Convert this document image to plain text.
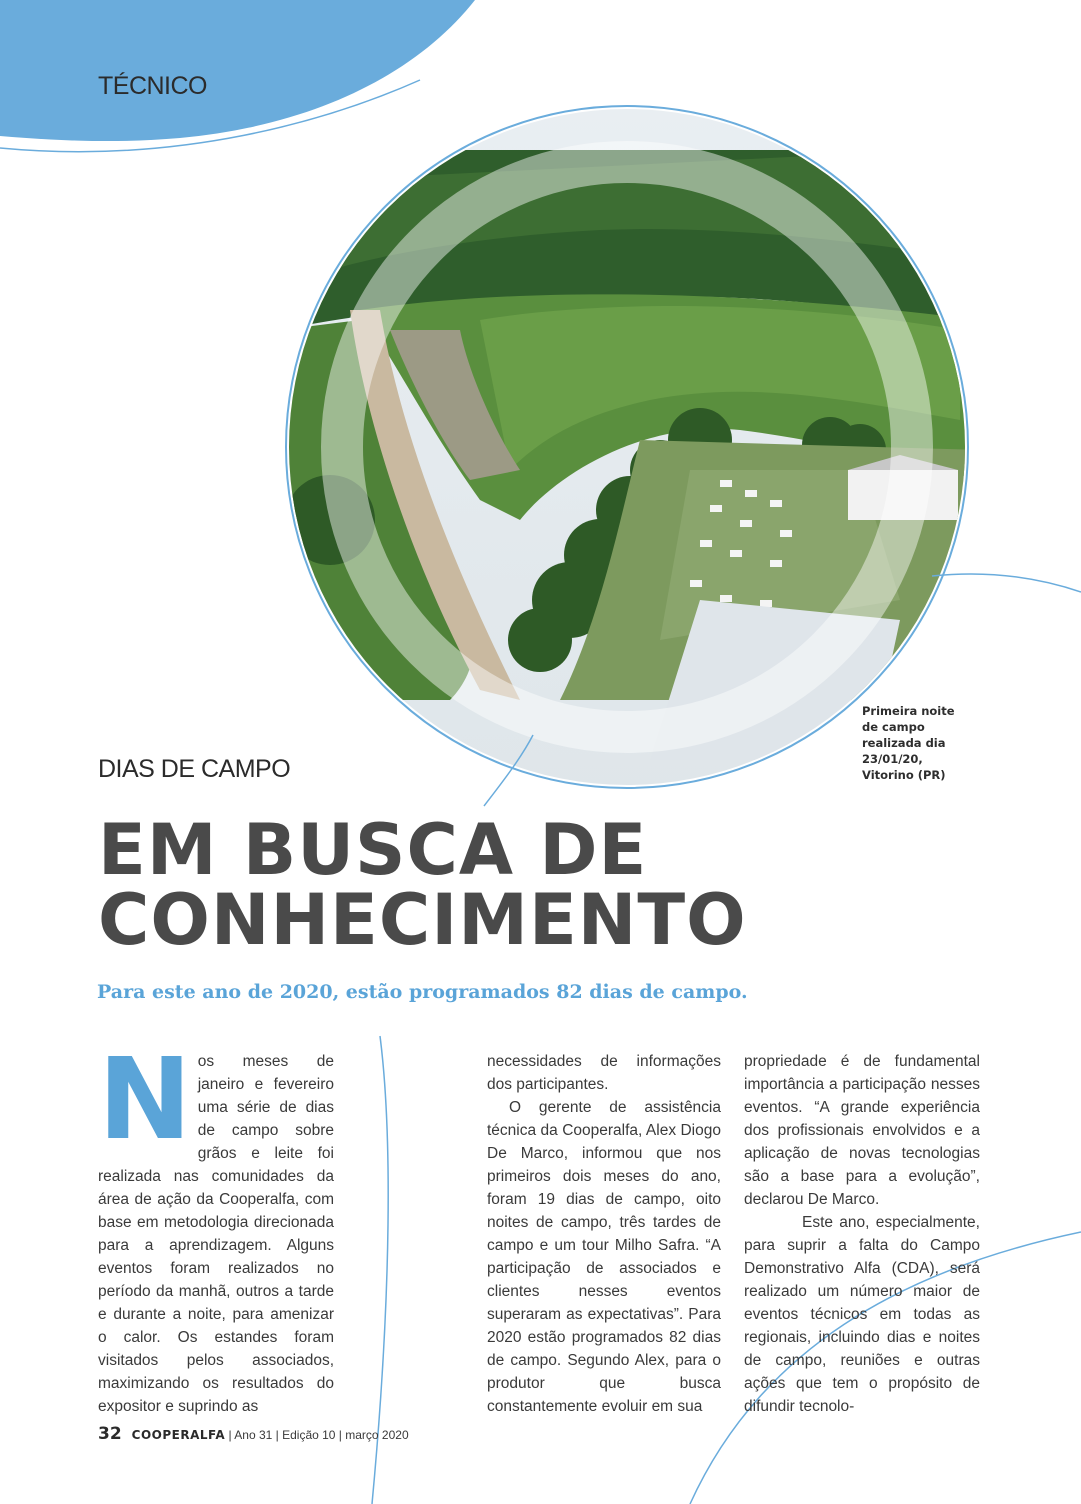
TÉCNICO
Primeira noite
de campo
realizada dia
23/01/20,
Vitorino (PR)
DIAS DE CAMPO
EM BUSCA DE
CONHECIMENTO
Para este ano de 2020, estão programados 82 dias de campo.
N os meses de janeiro e fevereiro uma série de dias de campo sobre grãos e leite foi realizada nas comunidades da área de ação da Cooperalfa, com base em metodologia direcionada para a aprendizagem. Alguns eventos foram realizados no período da manhã, outros a tarde e durante a noite, para amenizar o calor. Os estandes foram visitados pelos associados, maximizando os resultados do expositor e suprindo as

necessidades de informações dos participantes.

O gerente de assistência técnica da Cooperalfa, Alex Diogo De Marco, informou que nos primeiros dois meses do ano, foram 19 dias de campo, oito noites de campo, três tardes de campo e um tour Milho Safra. “A participação de associados e clientes nesses eventos superaram as expectativas”. Para 2020 estão programados 82 dias de campo. Segundo Alex, para o produtor que busca constantemente evoluir em sua

propriedade é de fundamental importância a participação nesses eventos. “A grande experiência dos profissionais envolvidos e a aplicação de novas tecnologias são a base para a evolução”, declarou De Marco.

Este ano, especialmente, para suprir a falta do Campo Demonstrativo Alfa (CDA), será realizado um número maior de eventos técnicos em todas as regionais, incluindo dias e noites de campo, reuniões e outras ações que tem o propósito de difundir tecnolo-

32 COOPERALFA | Ano 31 | Edição 10 | março 2020
